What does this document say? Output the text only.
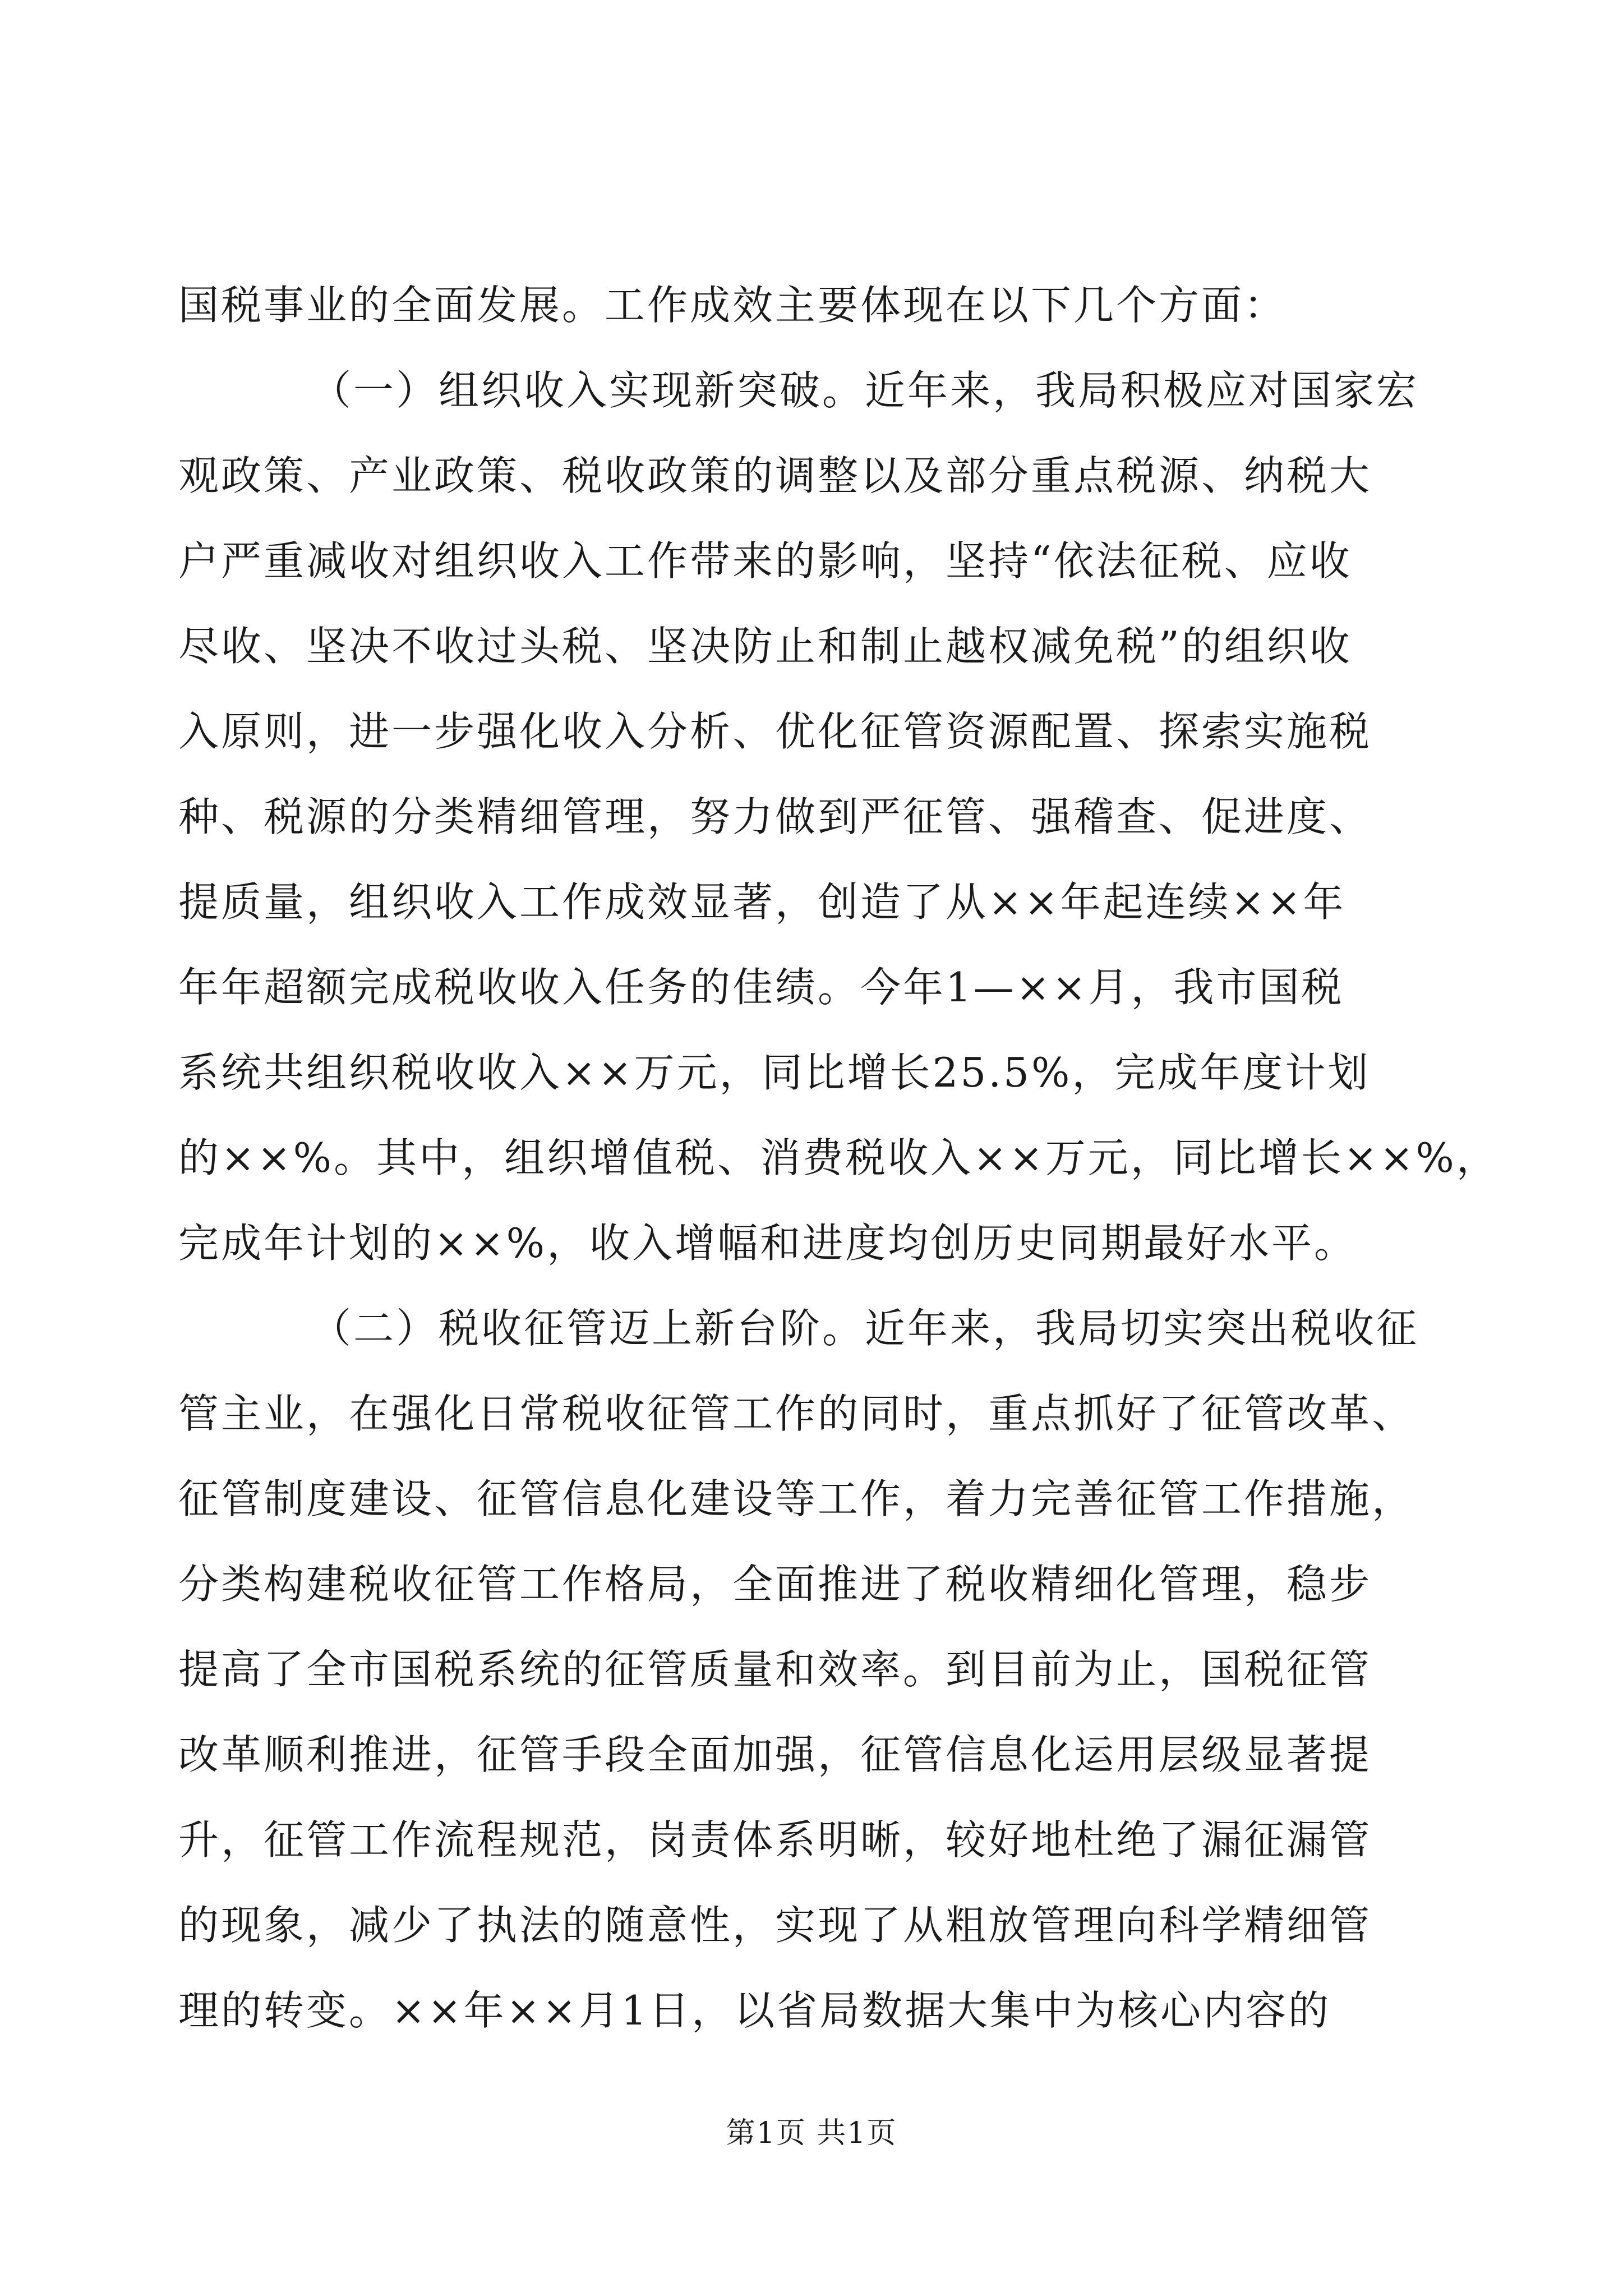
国税事业的全面发展。工作成效主要体现在以下几个方面：
（一）组织收入实现新突破。近年来，我局积极应对国家宏
观政策、产业政策、税收政策的调整以及部分重点税源、纳税大
户严重减收对组织收入工作带来的影响，坚持“依法征税、应收
尽收、坚决不收过头税、坚决防止和制止越权减免税”的组织收
入原则，进一步强化收入分析、优化征管资源配置、探索实施税
种、税源的分类精细管理，努力做到严征管、强稽查、促进度、
提质量，组织收入工作成效显著，创造了从××年起连续××年
年年超额完成税收收入任务的佳绩。今年1—××月，我市国税
系统共组织税收收入××万元，同比增长25.5%，完成年度计划
的××%。其中，组织增值税、消费税收入××万元，同比增长××%，
完成年计划的××%，收入增幅和进度均创历史同期最好水平。
（二）税收征管迈上新台阶。近年来，我局切实突出税收征
管主业，在强化日常税收征管工作的同时，重点抓好了征管改革、
征管制度建设、征管信息化建设等工作，着力完善征管工作措施，
分类构建税收征管工作格局，全面推进了税收精细化管理，稳步
提高了全市国税系统的征管质量和效率。到目前为止，国税征管
改革顺利推进，征管手段全面加强，征管信息化运用层级显著提
升，征管工作流程规范，岗责体系明晰，较好地杜绝了漏征漏管
的现象，减少了执法的随意性，实现了从粗放管理向科学精细管
理的转变。××年××月1日，以省局数据大集中为核心内容的
第1页 共1页
